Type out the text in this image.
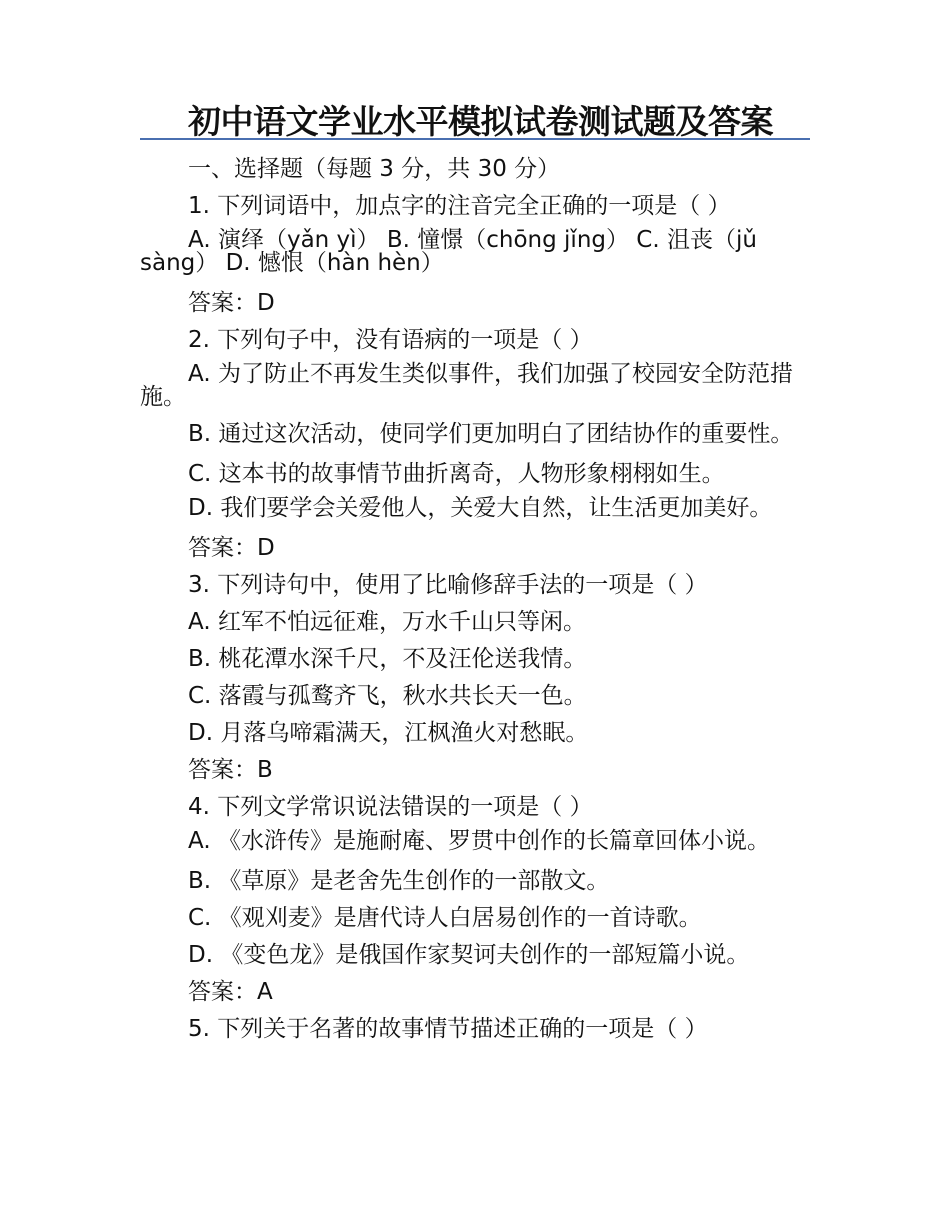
初中语文学业水平模拟试卷测试题及答案
一、选择题（每题 3 分，共 30 分）
1. 下列词语中，加点字的注音完全正确的一项是（ ）
A. 演绎（yǎn yì） B. 憧憬（chōng jǐng） C. 沮丧（jǔ sàng） D. 憾恨（hàn hèn）
答案：D
2. 下列句子中，没有语病的一项是（ ）
A. 为了防止不再发生类似事件，我们加强了校园安全防范措施。
B. 通过这次活动，使同学们更加明白了团结协作的重要性。
C. 这本书的故事情节曲折离奇，人物形象栩栩如生。
D. 我们要学会关爱他人，关爱大自然，让生活更加美好。
答案：D
3. 下列诗句中，使用了比喻修辞手法的一项是（ ）
A. 红军不怕远征难，万水千山只等闲。
B. 桃花潭水深千尺，不及汪伦送我情。
C. 落霞与孤鹜齐飞，秋水共长天一色。
D. 月落乌啼霜满天，江枫渔火对愁眠。
答案：B
4. 下列文学常识说法错误的一项是（ ）
A. 《水浒传》是施耐庵、罗贯中创作的长篇章回体小说。
B. 《草原》是老舍先生创作的一部散文。
C. 《观刈麦》是唐代诗人白居易创作的一首诗歌。
D. 《变色龙》是俄国作家契诃夫创作的一部短篇小说。
答案：A
5. 下列关于名著的故事情节描述正确的一项是（ ）
